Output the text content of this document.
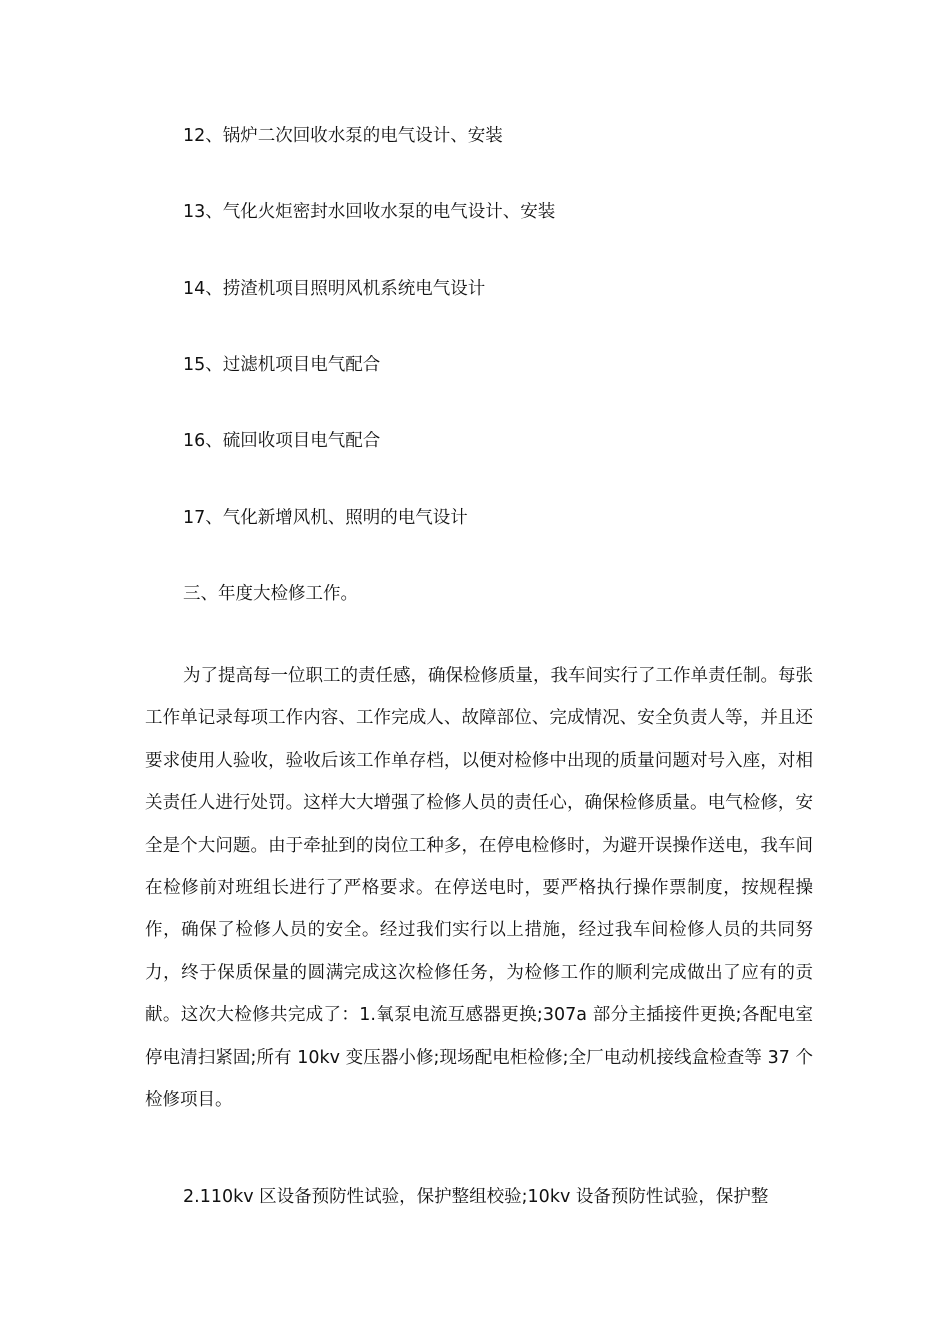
12、锅炉二次回收水泵的电气设计、安装
13、气化火炬密封水回收水泵的电气设计、安装
14、捞渣机项目照明风机系统电气设计
15、过滤机项目电气配合
16、硫回收项目电气配合
17、气化新增风机、照明的电气设计
三、年度大检修工作。
为了提高每一位职工的责任感，确保检修质量，我车间实行了工作单责任制。每张工作单记录每项工作内容、工作完成人、故障部位、完成情况、安全负责人等，并且还要求使用人验收，验收后该工作单存档，以便对检修中出现的质量问题对号入座，对相关责任人进行处罚。这样大大增强了检修人员的责任心，确保检修质量。电气检修，安全是个大问题。由于牵扯到的岗位工种多，在停电检修时，为避开误操作送电，我车间在检修前对班组长进行了严格要求。在停送电时，要严格执行操作票制度，按规程操作，确保了检修人员的安全。经过我们实行以上措施，经过我车间检修人员的共同努力，终于保质保量的圆满完成这次检修任务，为检修工作的顺利完成做出了应有的贡献。这次大检修共完成了：1.氧泵电流互感器更换;307a 部分主插接件更换;各配电室停电清扫紧固;所有 10kv 变压器小修;现场配电柜检修;全厂电动机接线盒检查等 37 个检修项目。
2.110kv 区设备预防性试验，保护整组校验;10kv 设备预防性试验，保护整
